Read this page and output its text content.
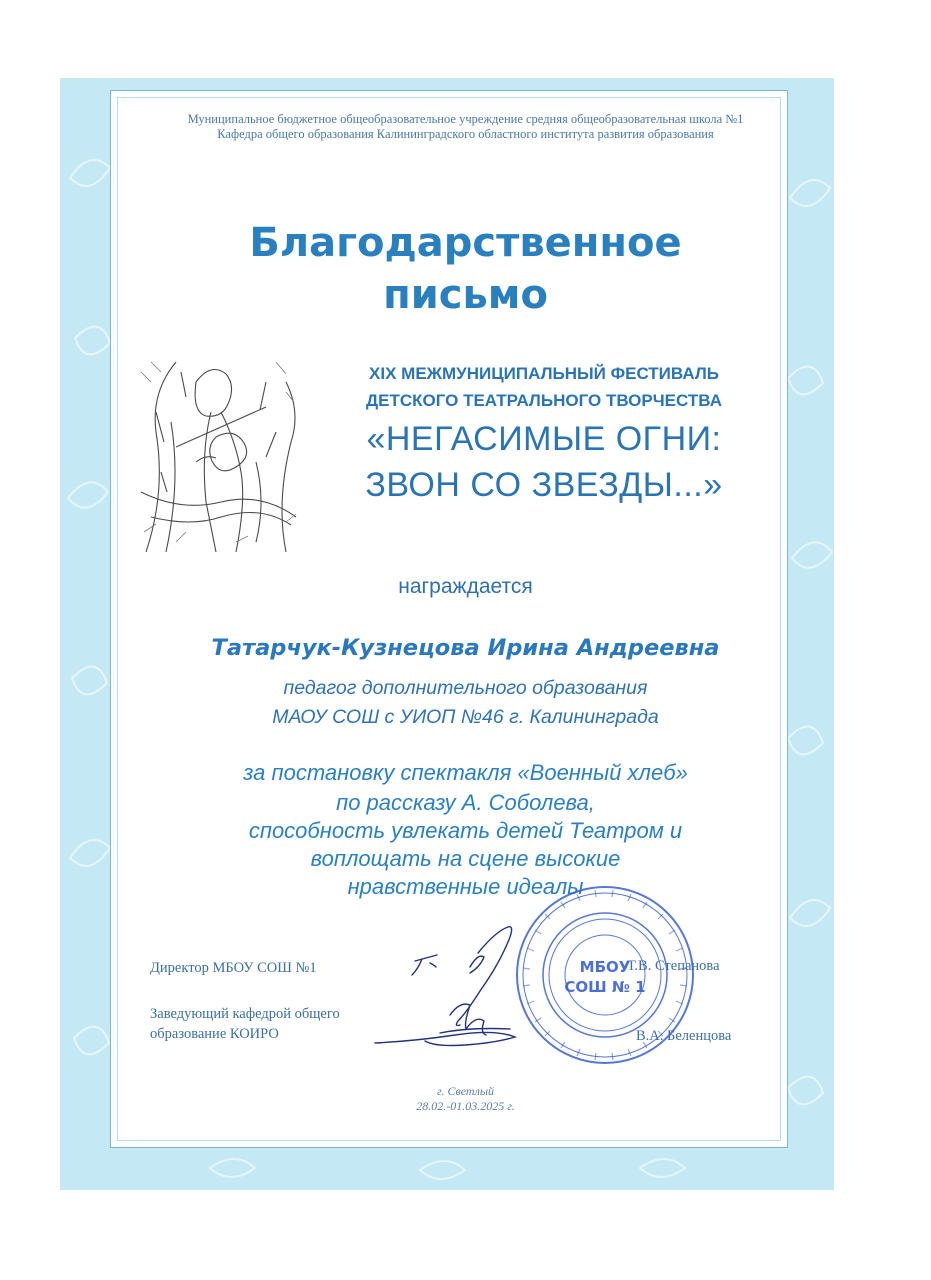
Муниципальное бюджетное общеобразовательное учреждение средняя общеобразовательная школа №1
Кафедра общего образования Калининградского областного института развития образования
Благодарственное
письмо
XIX МЕЖМУНИЦИПАЛЬНЫЙ ФЕСТИВАЛЬ
ДЕТСКОГО ТЕАТРАЛЬНОГО ТВОРЧЕСТВА
«НЕГАСИМЫЕ ОГНИ:
ЗВОН СО ЗВЕЗДЫ...»
награждается
Татарчук-Кузнецова Ирина Андреевна
педагог дополнительного образования
МАОУ СОШ с УИОП №46 г. Калининграда
за постановку спектакля «Военный хлеб»
по рассказу А. Соболева,
способность увлекать детей Театром и
воплощать на сцене высокие
нравственные идеалы
Директор МБОУ СОШ №1	Т.В. Степанова
Заведующий кафедрой общего
образование КОИРО	В.А. Беленцова
МБОУ
СОШ № 1
г. Светлый
28.02.-01.03.2025 г.
